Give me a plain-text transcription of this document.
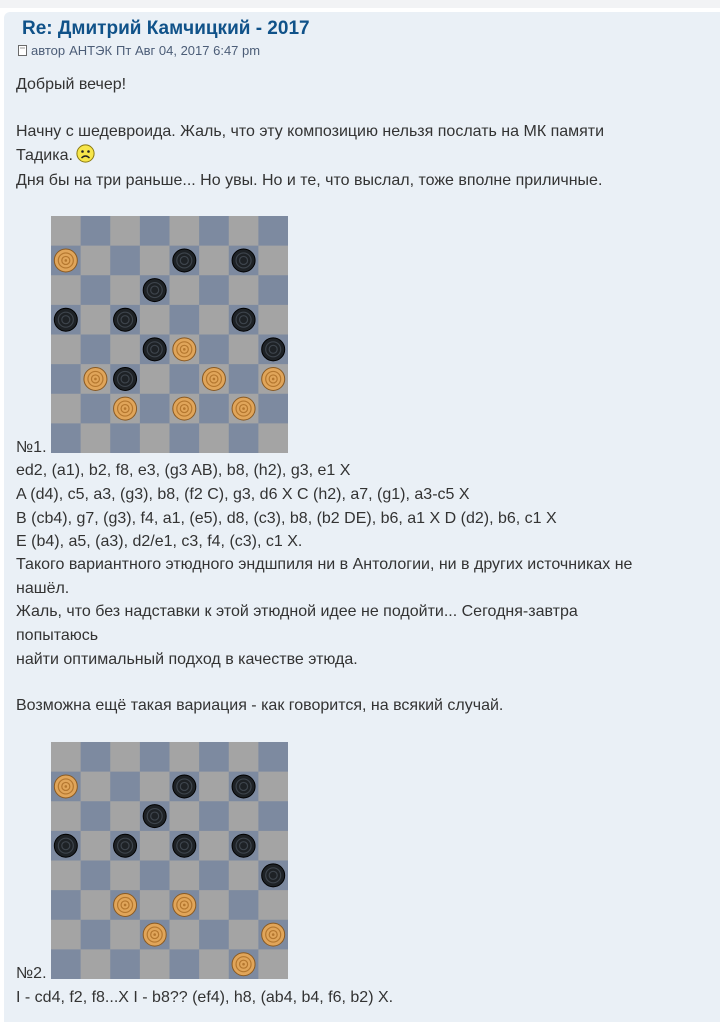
Re: Дмитрий Камчицкий - 2017
автор АНТЭК Пт Авг 04, 2017 6:47 pm
Добрый вечер!
Начну с шедевроида. Жаль, что эту композицию нельзя послать на МК памяти
Тадика.
Дня бы на три раньше... Но увы. Но и те, что выслал, тоже вполне приличные.
№1.
ed2, (a1), b2, f8, e3, (g3 AB), b8, (h2), g3, e1 X
A (d4), c5, a3, (g3), b8, (f2 C), g3, d6 X C (h2), a7, (g1), a3-c5 X
B (cb4), g7, (g3), f4, a1, (e5), d8, (c3), b8, (b2 DE), b6, a1 X D (d2), b6, c1 X
E (b4), a5, (a3), d2/e1, c3, f4, (c3), c1 X.
Такого вариантного этюдного эндшпиля ни в Антологии, ни в других источниках не
нашёл.
Жаль, что без надставки к этой этюдной идее не подойти... Сегодня-завтра
попытаюсь
найти оптимальный подход в качестве этюда.
Возможна ещё такая вариация - как говорится, на всякий случай.
№2.
I - cd4, f2, f8...X I - b8?? (ef4), h8, (ab4, b4, f6, b2) X.
